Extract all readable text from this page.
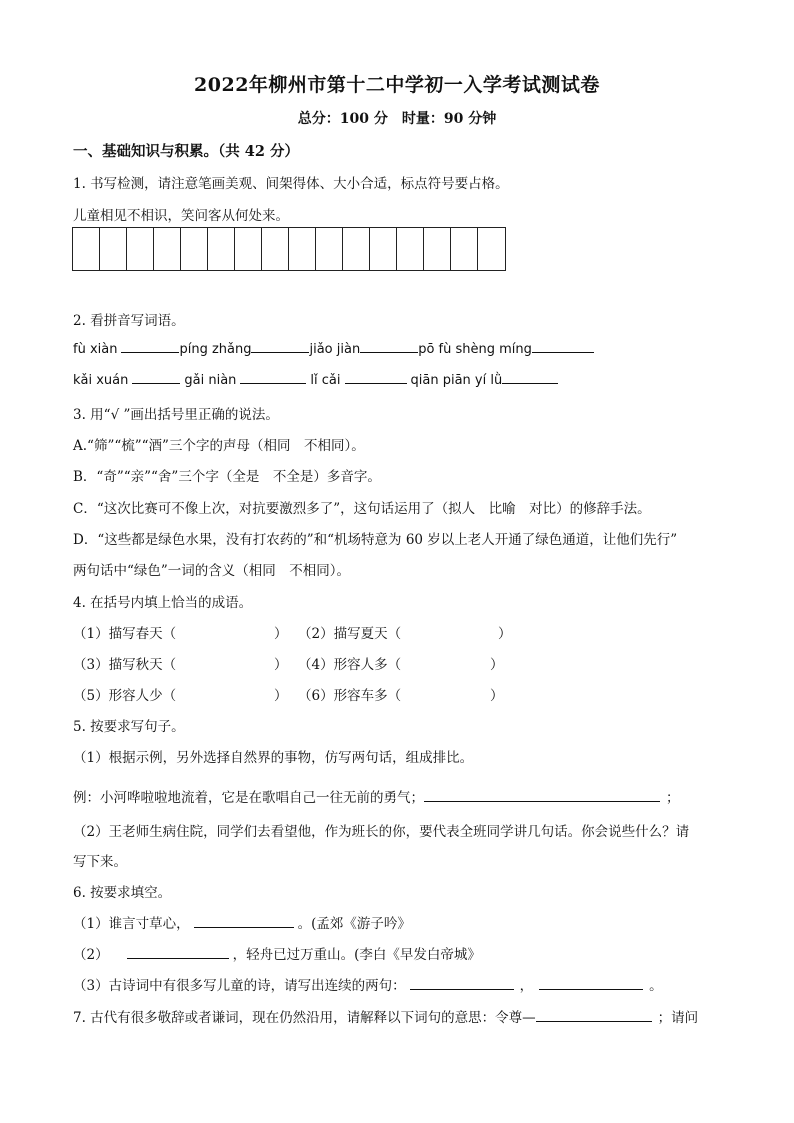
2022年柳州市第十二中学初一入学考试测试卷
总分：100 分　时量：90 分钟
一、基础知识与积累。（共 42 分）
1. 书写检测，请注意笔画美观、间架得体、大小合适，标点符号要占格。
儿童相见不相识，笑问客从何处来。
2. 看拼音写词语。
fù xiàn	píng zhǎng	jiǎo jiàn	pō fù shèng míng
kǎi xuán	gǎi niàn	lǐ cǎi	qiān piān yí lǜ
3. 用“√ ”画出括号里正确的说法。
A.“筛”“梳”“酒”三个字的声母（相同　不相同）。
B．“奇”“亲”“舍”三个字（全是　不全是）多音字。
C．“这次比赛可不像上次，对抗要激烈多了”，这句话运用了（拟人　比喻　对比）的修辞手法。
D．“这些都是绿色水果，没有打农药的”和“机场特意为 60 岁以上老人开通了绿色通道，让他们先行”
两句话中“绿色”一词的含义（相同　不相同）。
4. 在括号内填上恰当的成语。
（1）描写春天（	） （2）描写夏天（	）
（3）描写秋天（	） （4）形容人多（	）
（5）形容人少（	） （6）形容车多（	）
5. 按要求写句子。
（1）根据示例，另外选择自然界的事物，仿写两句话，组成排比。
例：小河哗啦啦地流着，它是在歌唱自己一往无前的勇气；	；
（2）王老师生病住院，同学们去看望他，作为班长的你，要代表全班同学讲几句话。你会说些什么？请
写下来。
6. 按要求填空。
（1）谁言寸草心，	。(孟郊《游子吟》
（2）	，轻舟已过万重山。(李白《早发白帝城》
（3）古诗词中有很多写儿童的诗，请写出连续的两句：	，	。
7. 古代有很多敬辞或者谦词，现在仍然沿用，请解释以下词句的意思：令尊—	；请问
